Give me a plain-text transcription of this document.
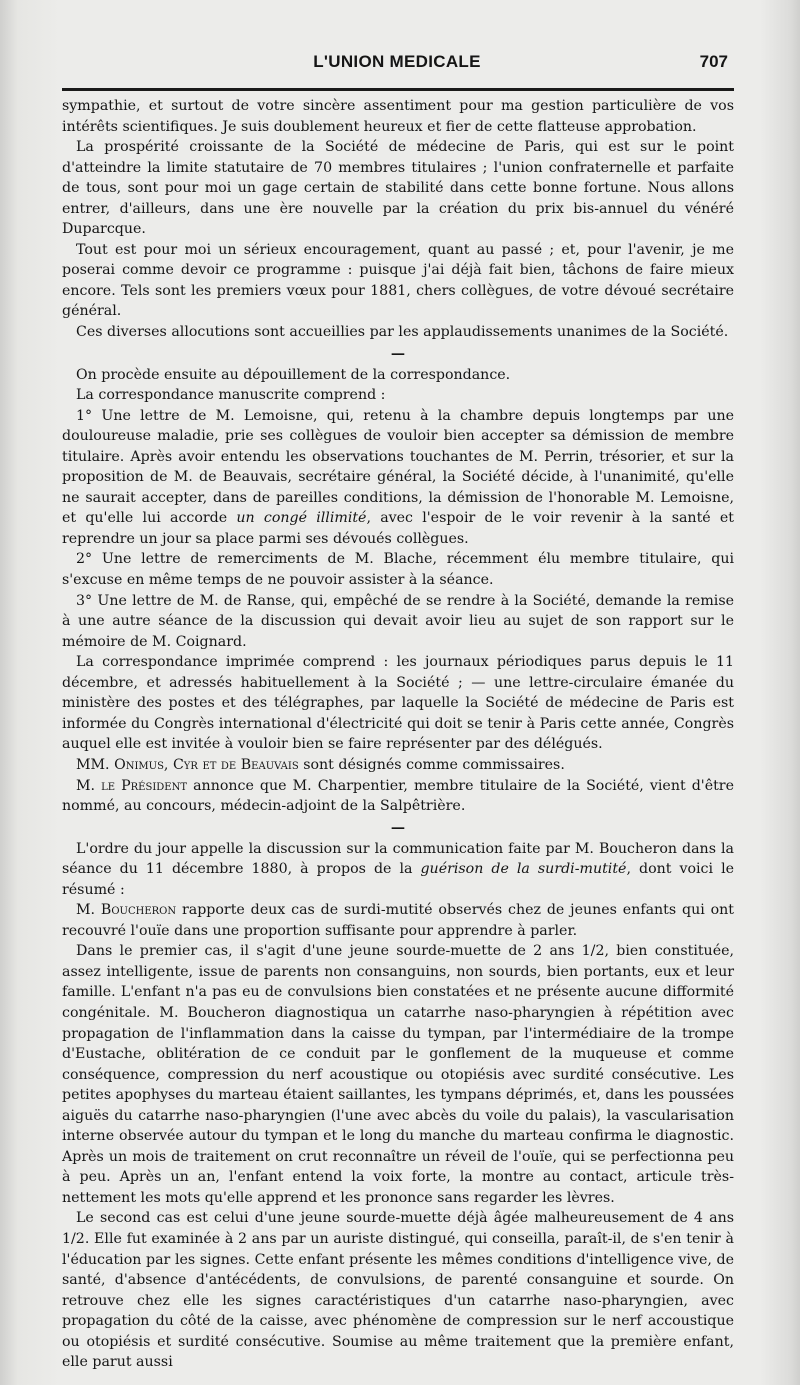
L'UNION MEDICALE	707

sympathie, et surtout de votre sincère assentiment pour ma gestion particulière de vos intérêts scientifiques. Je suis doublement heureux et fier de cette flatteuse approbation.

La prospérité croissante de la Société de médecine de Paris, qui est sur le point d'atteindre la limite statutaire de 70 membres titulaires ; l'union confraternelle et parfaite de tous, sont pour moi un gage certain de stabilité dans cette bonne fortune. Nous allons entrer, d'ailleurs, dans une ère nouvelle par la création du prix bis-annuel du vénéré Duparcque.

Tout est pour moi un sérieux encouragement, quant au passé ; et, pour l'avenir, je me poserai comme devoir ce programme : puisque j'ai déjà fait bien, tâchons de faire mieux encore. Tels sont les premiers vœux pour 1881, chers collègues, de votre dévoué secrétaire général.

Ces diverses allocutions sont accueillies par les applaudissements unanimes de la Société.

—

On procède ensuite au dépouillement de la correspondance.

La correspondance manuscrite comprend :

1° Une lettre de M. Lemoisne, qui, retenu à la chambre depuis longtemps par une douloureuse maladie, prie ses collègues de vouloir bien accepter sa démission de membre titulaire. Après avoir entendu les observations touchantes de M. Perrin, trésorier, et sur la proposition de M. de Beauvais, secrétaire général, la Société décide, à l'unanimité, qu'elle ne saurait accepter, dans de pareilles conditions, la démission de l'honorable M. Lemoisne, et qu'elle lui accorde un congé illimité, avec l'espoir de le voir revenir à la santé et reprendre un jour sa place parmi ses dévoués collègues.

2° Une lettre de remerciments de M. Blache, récemment élu membre titulaire, qui s'excuse en même temps de ne pouvoir assister à la séance.

3° Une lettre de M. de Ranse, qui, empêché de se rendre à la Société, demande la remise à une autre séance de la discussion qui devait avoir lieu au sujet de son rapport sur le mémoire de M. Coignard.

La correspondance imprimée comprend : les journaux périodiques parus depuis le 11 décembre, et adressés habituellement à la Société ; — une lettre-circulaire émanée du ministère des postes et des télégraphes, par laquelle la Société de médecine de Paris est informée du Congrès international d'électricité qui doit se tenir à Paris cette année, Congrès auquel elle est invitée à vouloir bien se faire représenter par des délégués.

MM. Onimus, Cyr et de Beauvais sont désignés comme commissaires.

M. le Président annonce que M. Charpentier, membre titulaire de la Société, vient d'être nommé, au concours, médecin-adjoint de la Salpêtrière.

—

L'ordre du jour appelle la discussion sur la communication faite par M. Boucheron dans la séance du 11 décembre 1880, à propos de la guérison de la surdi-mutité, dont voici le résumé :

M. Boucheron rapporte deux cas de surdi-mutité observés chez de jeunes enfants qui ont recouvré l'ouïe dans une proportion suffisante pour apprendre à parler.

Dans le premier cas, il s'agit d'une jeune sourde-muette de 2 ans 1/2, bien constituée, assez intelligente, issue de parents non consanguins, non sourds, bien portants, eux et leur famille. L'enfant n'a pas eu de convulsions bien constatées et ne présente aucune difformité congénitale. M. Boucheron diagnostiqua un catarrhe naso-pharyngien à répétition avec propagation de l'inflammation dans la caisse du tympan, par l'intermédiaire de la trompe d'Eustache, oblitération de ce conduit par le gonflement de la muqueuse et comme conséquence, compression du nerf acoustique ou otopiésis avec surdité consécutive. Les petites apophyses du marteau étaient saillantes, les tympans déprimés, et, dans les poussées aiguës du catarrhe naso-pharyngien (l'une avec abcès du voile du palais), la vascularisation interne observée autour du tympan et le long du manche du marteau confirma le diagnostic. Après un mois de traitement on crut reconnaître un réveil de l'ouïe, qui se perfectionna peu à peu. Après un an, l'enfant entend la voix forte, la montre au contact, articule très-nettement les mots qu'elle apprend et les prononce sans regarder les lèvres.

Le second cas est celui d'une jeune sourde-muette déjà âgée malheureusement de 4 ans 1/2. Elle fut examinée à 2 ans par un auriste distingué, qui conseilla, paraît-il, de s'en tenir à l'éducation par les signes. Cette enfant présente les mêmes conditions d'intelligence vive, de santé, d'absence d'antécédents, de convulsions, de parenté consanguine et sourde. On retrouve chez elle les signes caractéristiques d'un catarrhe naso-pharyngien, avec propagation du côté de la caisse, avec phénomène de compression sur le nerf accoustique ou otopiésis et surdité consécutive. Soumise au même traitement que la première enfant, elle parut aussi
